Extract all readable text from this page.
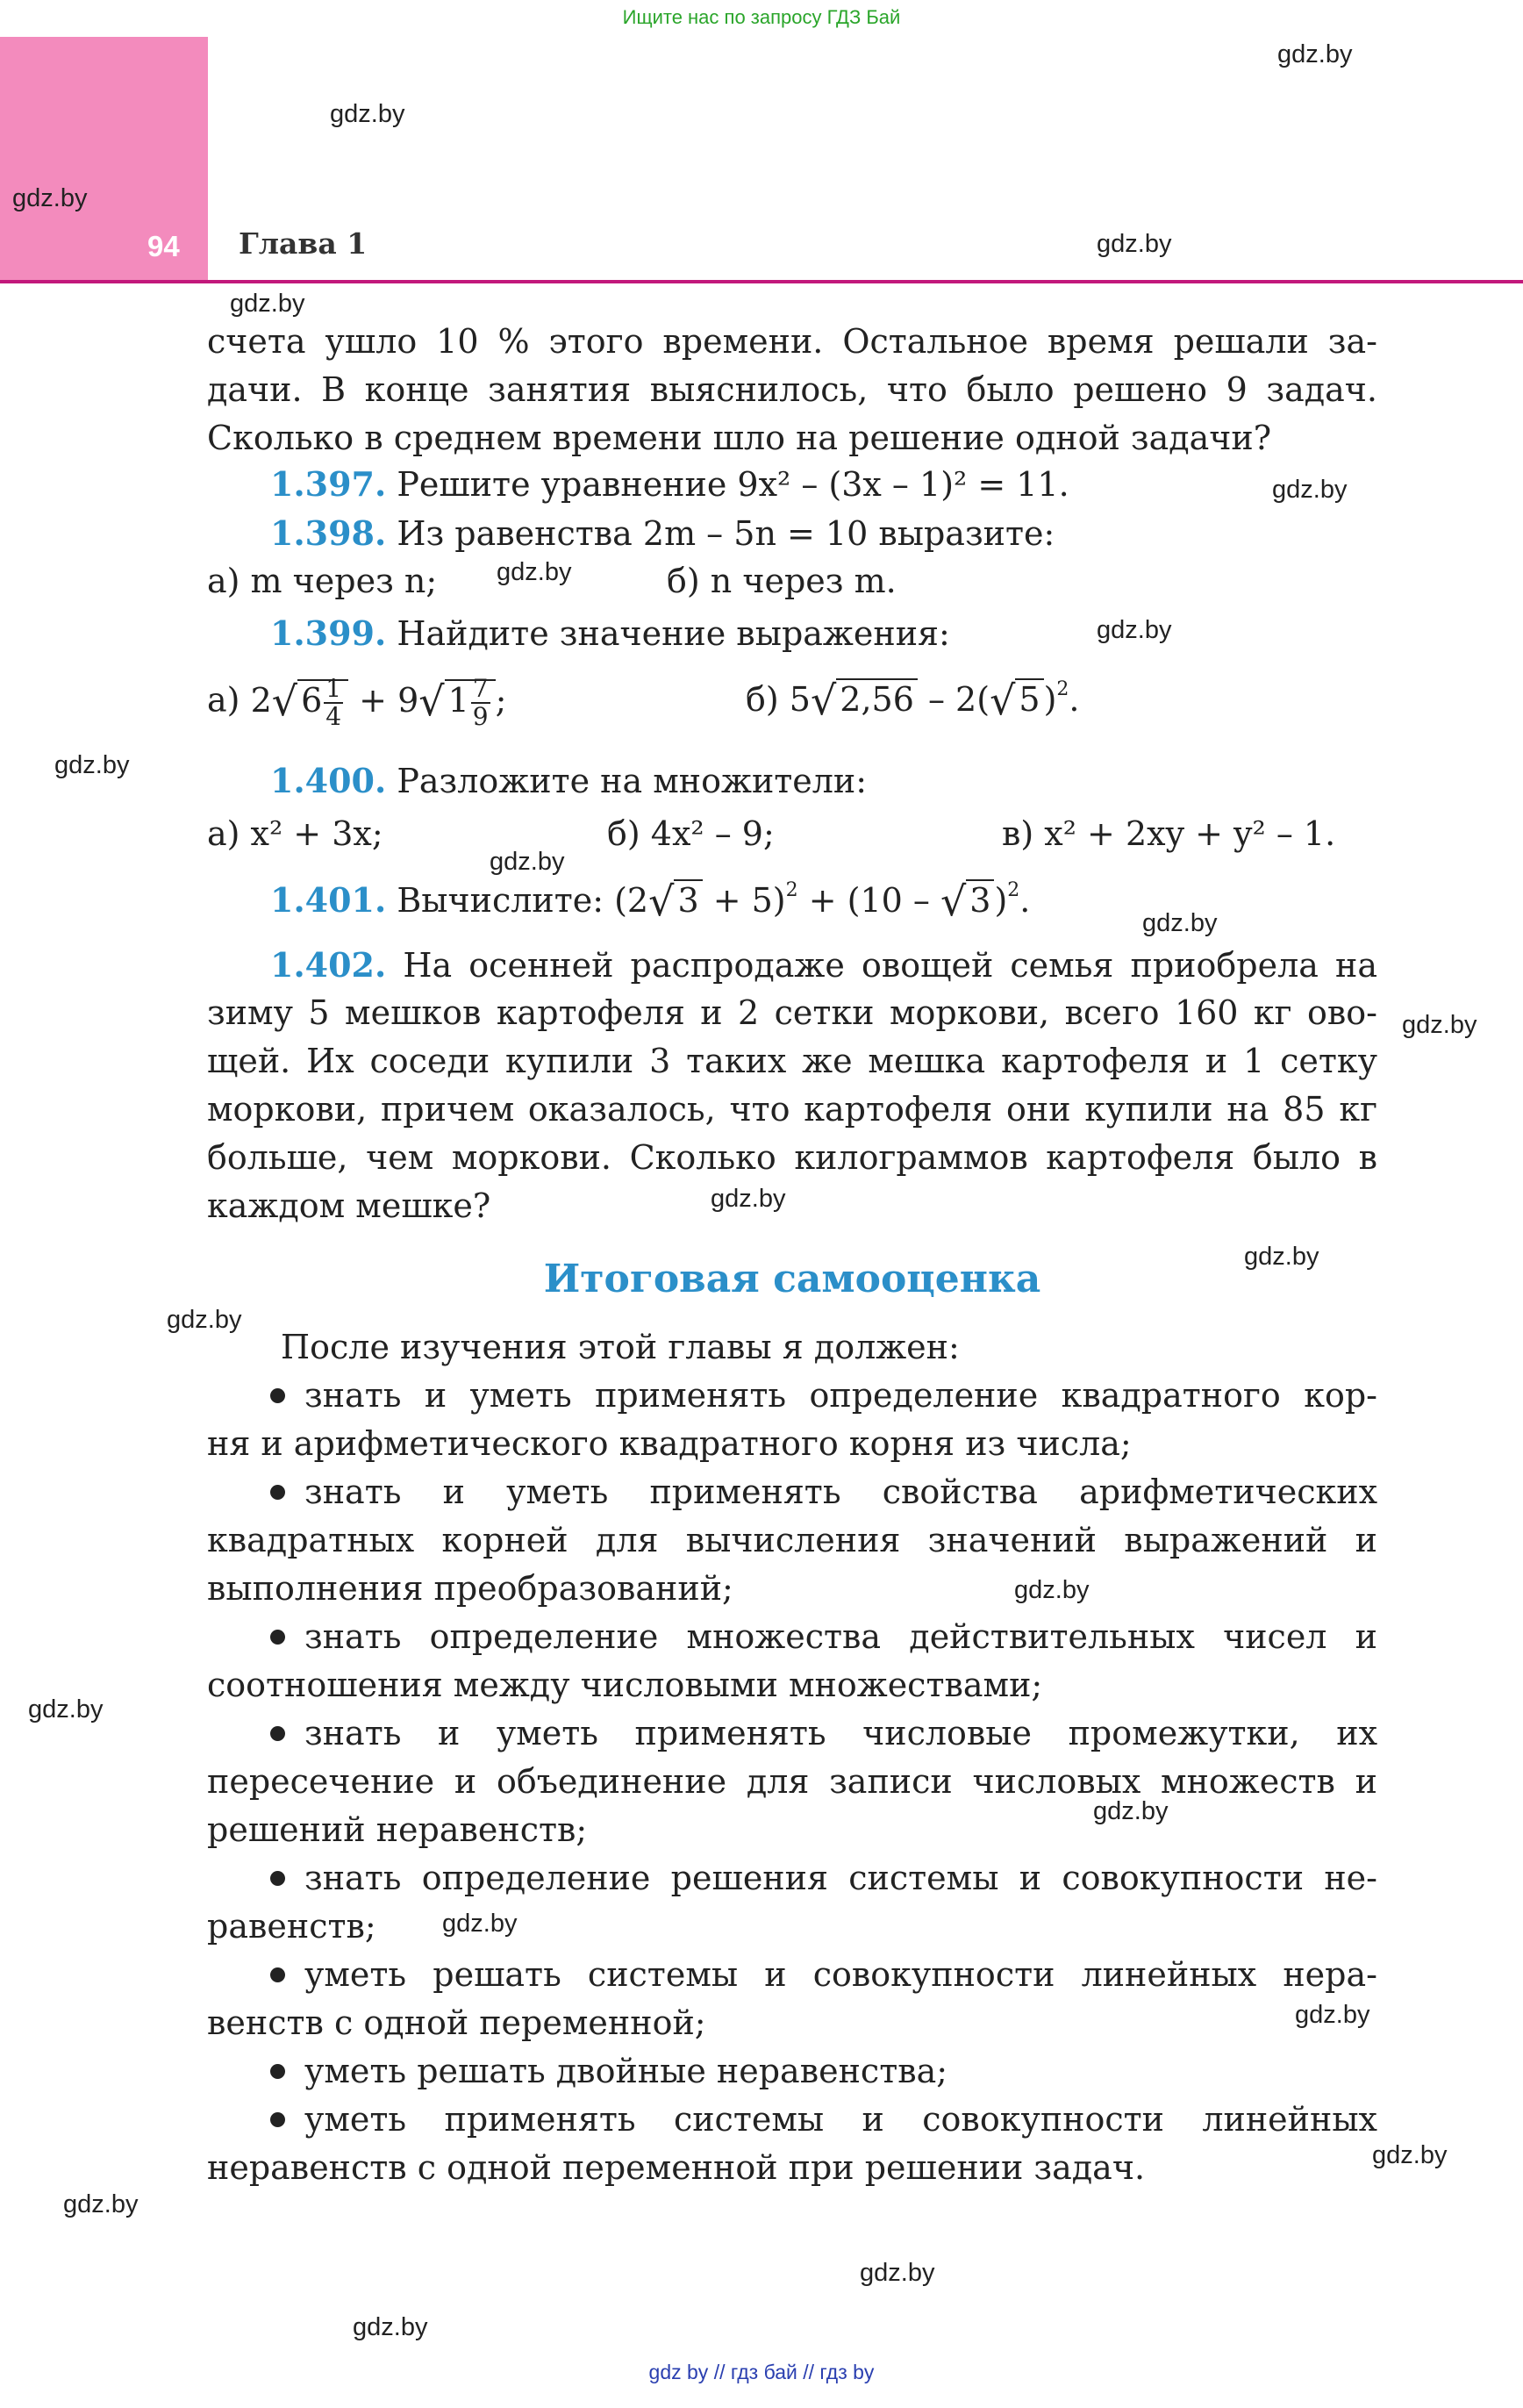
Ищите нас по запросу ГДЗ Бай
94 Глава 1
gdz.by
gdz.by
gdz.by
gdz.by
gdz.by
gdz.by
gdz.by
gdz.by
gdz.by
gdz.by
gdz.by
gdz.by
gdz.by
gdz.by
gdz.by
gdz.by
gdz.by
gdz.by
gdz.by
gdz.by
gdz.by
gdz.by
gdz.by
gdz.by
счета ушло 10 % этого времени. Остальное время решали за-
дачи. В конце занятия выяснилось, что было решено 9 задач.
Сколько в среднем времени шло на решение одной задачи?
1.397. Решите уравнение 9x² – (3x – 1)² = 11.
1.398. Из равенства 2m – 5n = 10 выразите:
а) m через n;	б) n через m.
1.399. Найдите значение выражения:
а) 2√ $6 \frac{1}{4} + 9√$ $1 \frac{7}{9}$ ;	б) 5√ 2,56 – 2(√ 5 )$^2$.
1.400. Разложите на множители:
а) x² + 3x;	б) 4x² – 9;	в) x² + 2xy + y² – 1.
1.401. Вычислите: (2√ 3 + 5)$^2$ + (10 – √ 3 )$^2$.
1.402. На осенней распродаже овощей семья приобрела на
зиму 5 мешков картофеля и 2 сетки моркови, всего 160 кг ово-
щей. Их соседи купили 3 таких же мешка картофеля и 1 сетку
моркови, причем оказалось, что картофеля они купили на 85 кг
больше, чем моркови. Сколько килограммов картофеля было в
каждом мешке?
Итоговая самооценка
После изучения этой главы я должен:
знать и уметь применять определение квадратного кор-
ня и арифметического квадратного корня из числа;
знать и уметь применять свойства арифметических
квадратных корней для вычисления значений выражений и
выполнения преобразований;
знать определение множества действительных чисел и
соотношения между числовыми множествами;
знать и уметь применять числовые промежутки, их
пересечение и объединение для записи числовых множеств и
решений неравенств;
знать определение решения системы и совокупности не-
равенств;
уметь решать системы и совокупности линейных нера-
венств с одной переменной;
уметь решать двойные неравенства;
уметь применять системы и совокупности линейных
неравенств с одной переменной при решении задач.
gdz by // гдз бай // гдз by
